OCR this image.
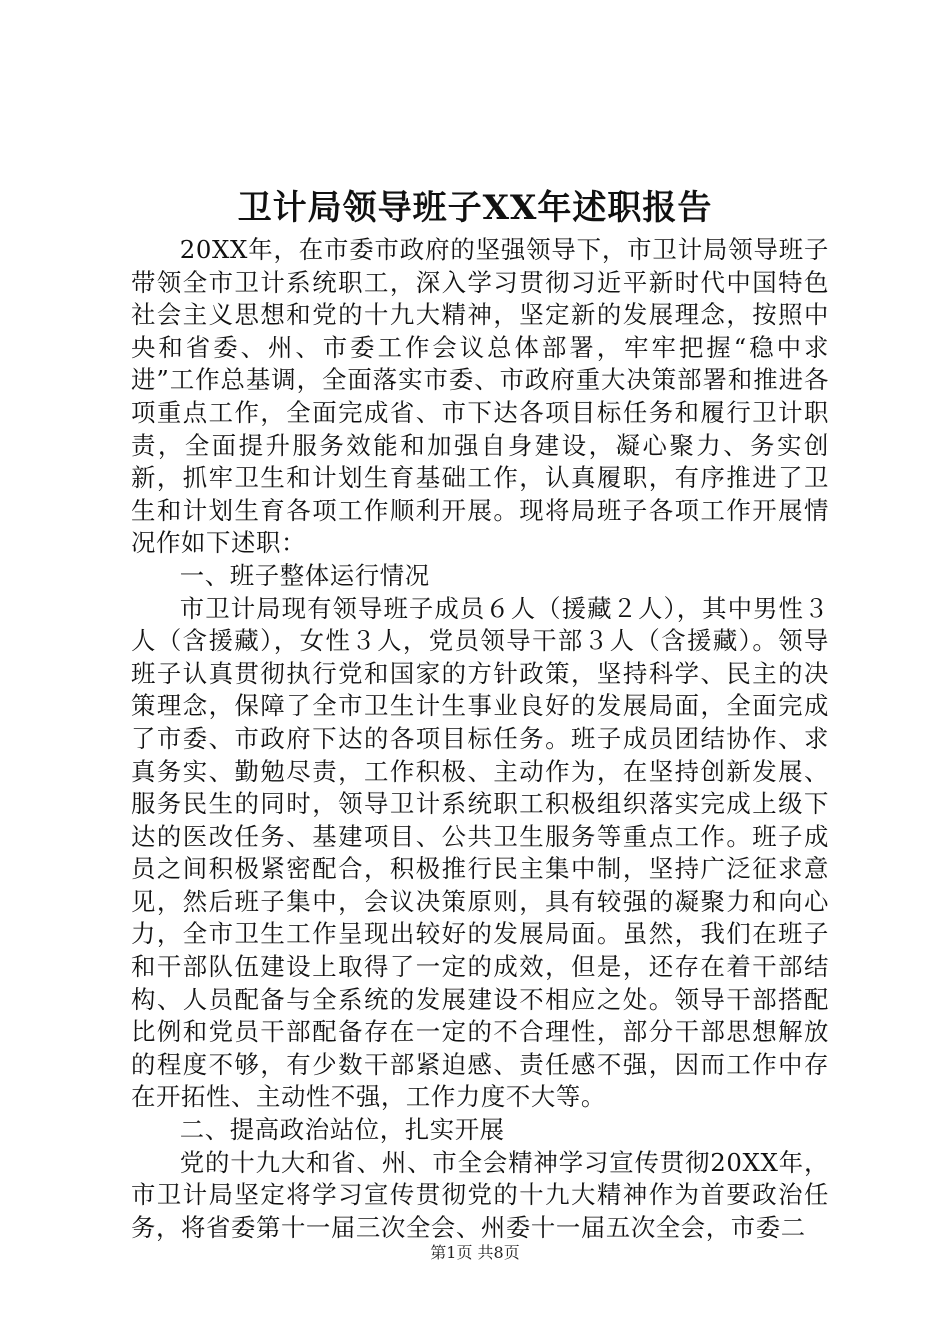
卫计局领导班子XX年述职报告

20XX年，在市委市政府的坚强领导下，市卫计局领导班子带领全市卫计系统职工，深入学习贯彻习近平新时代中国特色社会主义思想和党的十九大精神，坚定新的发展理念，按照中央和省委、州、市委工作会议总体部署，牢牢把握“稳中求进”工作总基调，全面落实市委、市政府重大决策部署和推进各项重点工作，全面完成省、市下达各项目标任务和履行卫计职责，全面提升服务效能和加强自身建设，凝心聚力、务实创新，抓牢卫生和计划生育基础工作，认真履职，有序推进了卫生和计划生育各项工作顺利开展。现将局班子各项工作开展情况作如下述职：

一、班子整体运行情况

市卫计局现有领导班子成员６人（援藏２人），其中男性３人（含援藏），女性３人，党员领导干部３人（含援藏）。领导班子认真贯彻执行党和国家的方针政策，坚持科学、民主的决策理念，保障了全市卫生计生事业良好的发展局面，全面完成了市委、市政府下达的各项目标任务。班子成员团结协作、求真务实、勤勉尽责，工作积极、主动作为，在坚持创新发展、服务民生的同时，领导卫计系统职工积极组织落实完成上级下达的医改任务、基建项目、公共卫生服务等重点工作。班子成员之间积极紧密配合，积极推行民主集中制，坚持广泛征求意见，然后班子集中，会议决策原则，具有较强的凝聚力和向心力，全市卫生工作呈现出较好的发展局面。虽然，我们在班子和干部队伍建设上取得了一定的成效，但是，还存在着干部结构、人员配备与全系统的发展建设不相应之处。领导干部搭配比例和党员干部配备存在一定的不合理性，部分干部思想解放的程度不够，有少数干部紧迫感、责任感不强，因而工作中存在开拓性、主动性不强，工作力度不大等。

二、提高政治站位，扎实开展

党的十九大和省、州、市全会精神学习宣传贯彻20XX年，市卫计局坚定将学习宣传贯彻党的十九大精神作为首要政治任务，将省委第十一届三次全会、州委十一届五次全会，市委二

第1页 共8页
